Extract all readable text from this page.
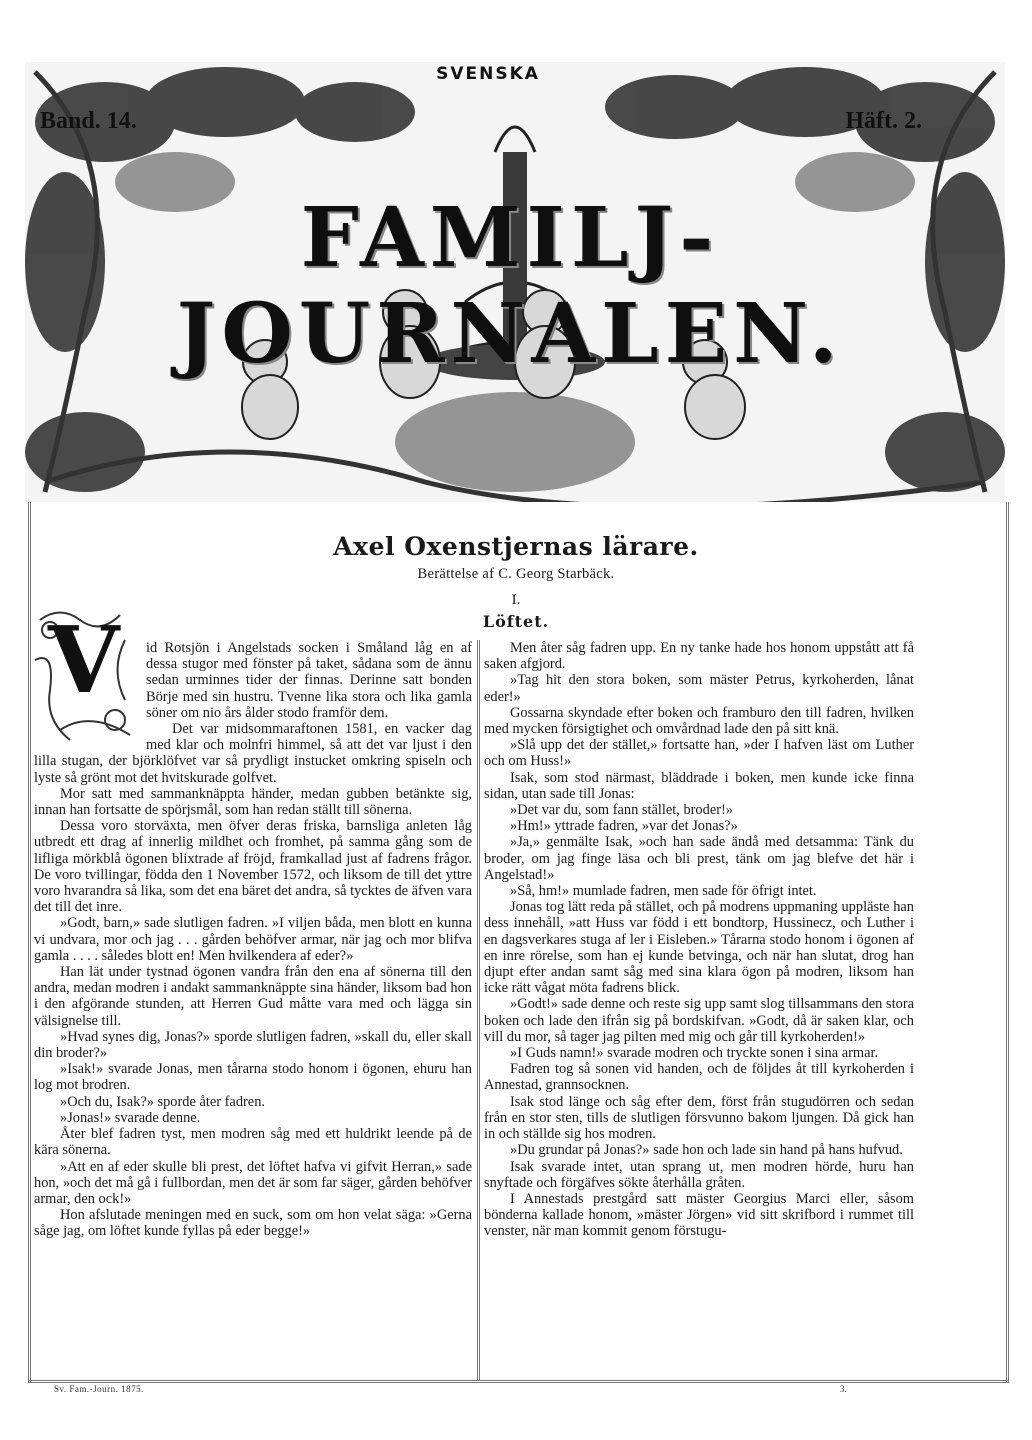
SVENSKA
Band. 14.	Häft. 2.
FAMILJ-JOURNALEN.
Axel Oxenstjernas lärare.
Berättelse af C. Georg Starbäck.
I.
Löftet.
V	id Rotsjön i Angelstads socken i Småland låg en af dessa stugor med fönster på taket, sådana som de ännu sedan urminnes tider der finnas. Derinne satt bonden Börje med sin hustru. Tvenne lika stora och lika gamla söner om nio års ålder stodo framför dem.

Det var midsommaraftonen 1581, en vacker dag med klar och molnfri himmel, så att det var ljust i den lilla stugan, der björklöfvet var så prydligt instucket omkring spiseln och lyste så grönt mot det hvitskurade golfvet.

Mor satt med sammanknäppta händer, medan gubben betänkte sig, innan han fortsatte de spörjsmål, som han redan ställt till sönerna.

Dessa voro storväxta, men öfver deras friska, barnsliga anleten låg utbredt ett drag af innerlig mildhet och fromhet, på samma gång som de lifliga mörkblå ögonen blixtrade af fröjd, framkallad just af fadrens frågor. De voro tvillingar, födda den 1 November 1572, och liksom de till det yttre voro hvarandra så lika, som det ena bäret det andra, så tycktes de äfven vara det till det inre.

»Godt, barn,» sade slutligen fadren. »I viljen båda, men blott en kunna vi undvara, mor och jag . . . gården behöfver armar, när jag och mor blifva gamla . . . . således blott en! Men hvilkendera af eder?»

Han lät under tystnad ögonen vandra från den ena af sönerna till den andra, medan modren i andakt sammanknäppte sina händer, liksom bad hon i den afgörande stunden, att Herren Gud måtte vara med och lägga sin välsignelse till.

»Hvad synes dig, Jonas?» sporde slutligen fadren, »skall du, eller skall din broder?»

»Isak!» svarade Jonas, men tårarna stodo honom i ögonen, ehuru han log mot brodren.

»Och du, Isak?» sporde åter fadren.

»Jonas!» svarade denne.

Åter blef fadren tyst, men modren såg med ett huldrikt leende på de kära sönerna.

»Att en af eder skulle bli prest, det löftet hafva vi gifvit Herran,» sade hon, »och det må gå i fullbordan, men det är som far säger, gården behöfver armar, den ock!»

Hon afslutade meningen med en suck, som om hon velat säga: »Gerna såge jag, om löftet kunde fyllas på eder begge!»

Men åter såg fadren upp. En ny tanke hade hos honom uppstått att få saken afgjord.

»Tag hit den stora boken, som mäster Petrus, kyrkoherden, lånat eder!»

Gossarna skyndade efter boken och framburo den till fadren, hvilken med mycken försigtighet och omvårdnad lade den på sitt knä.

»Slå upp det der stället,» fortsatte han, »der I hafven läst om Luther och om Huss!»

Isak, som stod närmast, bläddrade i boken, men kunde icke finna sidan, utan sade till Jonas:

»Det var du, som fann stället, broder!»

»Hm!» yttrade fadren, »var det Jonas?»

»Ja,» genmälte Isak, »och han sade ändå med detsamma: Tänk du broder, om jag finge läsa och bli prest, tänk om jag blefve det här i Angelstad!»

»Så, hm!» mumlade fadren, men sade för öfrigt intet.

Jonas tog lätt reda på stället, och på modrens uppmaning uppläste han dess innehåll, »att Huss var född i ett bondtorp, Hussinecz, och Luther i en dagsverkares stuga af ler i Eisleben.» Tårarna stodo honom i ögonen af en inre rörelse, som han ej kunde betvinga, och när han slutat, drog han djupt efter andan samt såg med sina klara ögon på modren, liksom han icke rätt vågat möta fadrens blick.

»Godt!» sade denne och reste sig upp samt slog tillsammans den stora boken och lade den ifrån sig på bordskifvan. »Godt, då är saken klar, och vill du mor, så tager jag pilten med mig och går till kyrkoherden!»

»I Guds namn!» svarade modren och tryckte sonen i sina armar.

Fadren tog så sonen vid handen, och de följdes åt till kyrkoherden i Annestad, grannsocknen.

Isak stod länge och såg efter dem, först från stugudörren och sedan från en stor sten, tills de slutligen försvunno bakom ljungen. Då gick han in och ställde sig hos modren.

»Du grundar på Jonas?» sade hon och lade sin hand på hans hufvud.

Isak svarade intet, utan sprang ut, men modren hörde, huru han snyftade och förgäfves sökte återhålla gråten.

I Annestads prestgård satt mäster Georgius Marci eller, såsom bönderna kallade honom, »mäster Jörgen» vid sitt skrifbord i rummet till venster, när man kommit genom förstugu-

Sv. Fam.-Journ. 1875.	3.
